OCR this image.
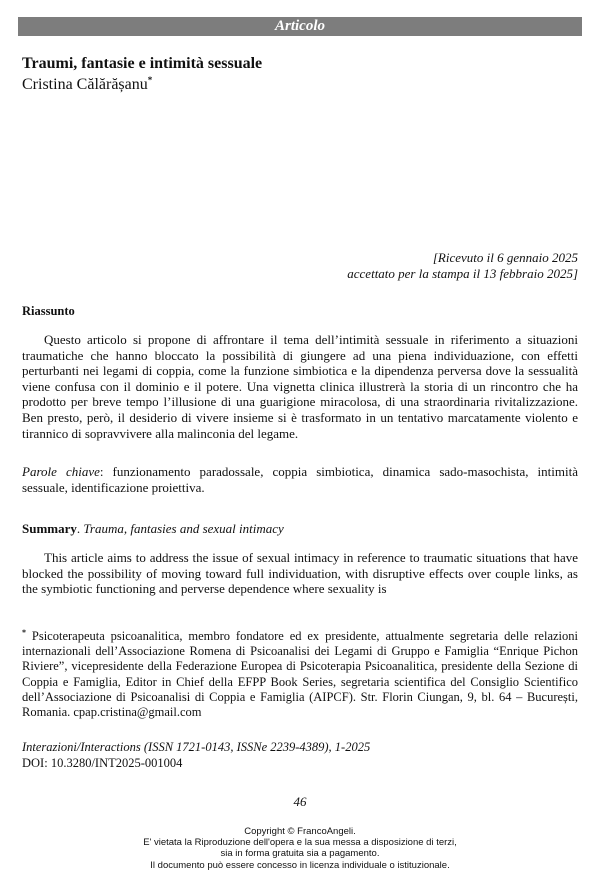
Articolo
Traumi, fantasie e intimità sessuale
Cristina Călărășanu*
[Ricevuto il 6 gennaio 2025
accettato per la stampa il 13 febbraio 2025]
Riassunto

Questo articolo si propone di affrontare il tema dell’intimità sessuale in riferimento a situazioni traumatiche che hanno bloccato la possibilità di giungere ad una piena individuazione, con effetti perturbanti nei legami di coppia, come la funzione simbiotica e la dipendenza perversa dove la sessualità viene confusa con il dominio e il potere. Una vignetta clinica illustrerà la storia di un rincontro che ha prodotto per breve tempo l’illusione di una guarigione miracolosa, di una straordinaria rivitalizzazione. Ben presto, però, il desiderio di vivere insieme si è trasformato in un tentativo marcatamente violento e tirannico di sopravvivere alla malinconia del legame.

Parole chiave: funzionamento paradossale, coppia simbiotica, dinamica sado-masochista, intimità sessuale, identificazione proiettiva.

Summary. Trauma, fantasies and sexual intimacy

This article aims to address the issue of sexual intimacy in reference to traumatic situations that have blocked the possibility of moving toward full individuation, with disruptive effects over couple links, as the symbiotic functioning and perverse dependence where sexuality is

* Psicoterapeuta psicoanalitica, membro fondatore ed ex presidente, attualmente segretaria delle relazioni internazionali dell’Associazione Romena di Psicoanalisi dei Legami di Gruppo e Famiglia “Enrique Pichon Riviere”, vicepresidente della Federazione Europea di Psicoterapia Psicoanalitica, presidente della Sezione di Coppia e Famiglia, Editor in Chief della EFPP Book Series, segretaria scientifica del Consiglio Scientifico dell’Associazione di Psicoanalisi di Coppia e Famiglia (AIPCF). Str. Florin Ciungan, 9, bl. 64 – București, Romania. cpap.cristina@gmail.com

Interazioni/Interactions (ISSN 1721-0143, ISSNe 2239-4389), 1-2025
DOI: 10.3280/INT2025-001004
46
Copyright © FrancoAngeli.
E' vietata la Riproduzione dell'opera e la sua messa a disposizione di terzi,
sia in forma gratuita sia a pagamento.
Il documento può essere concesso in licenza individuale o istituzionale.
